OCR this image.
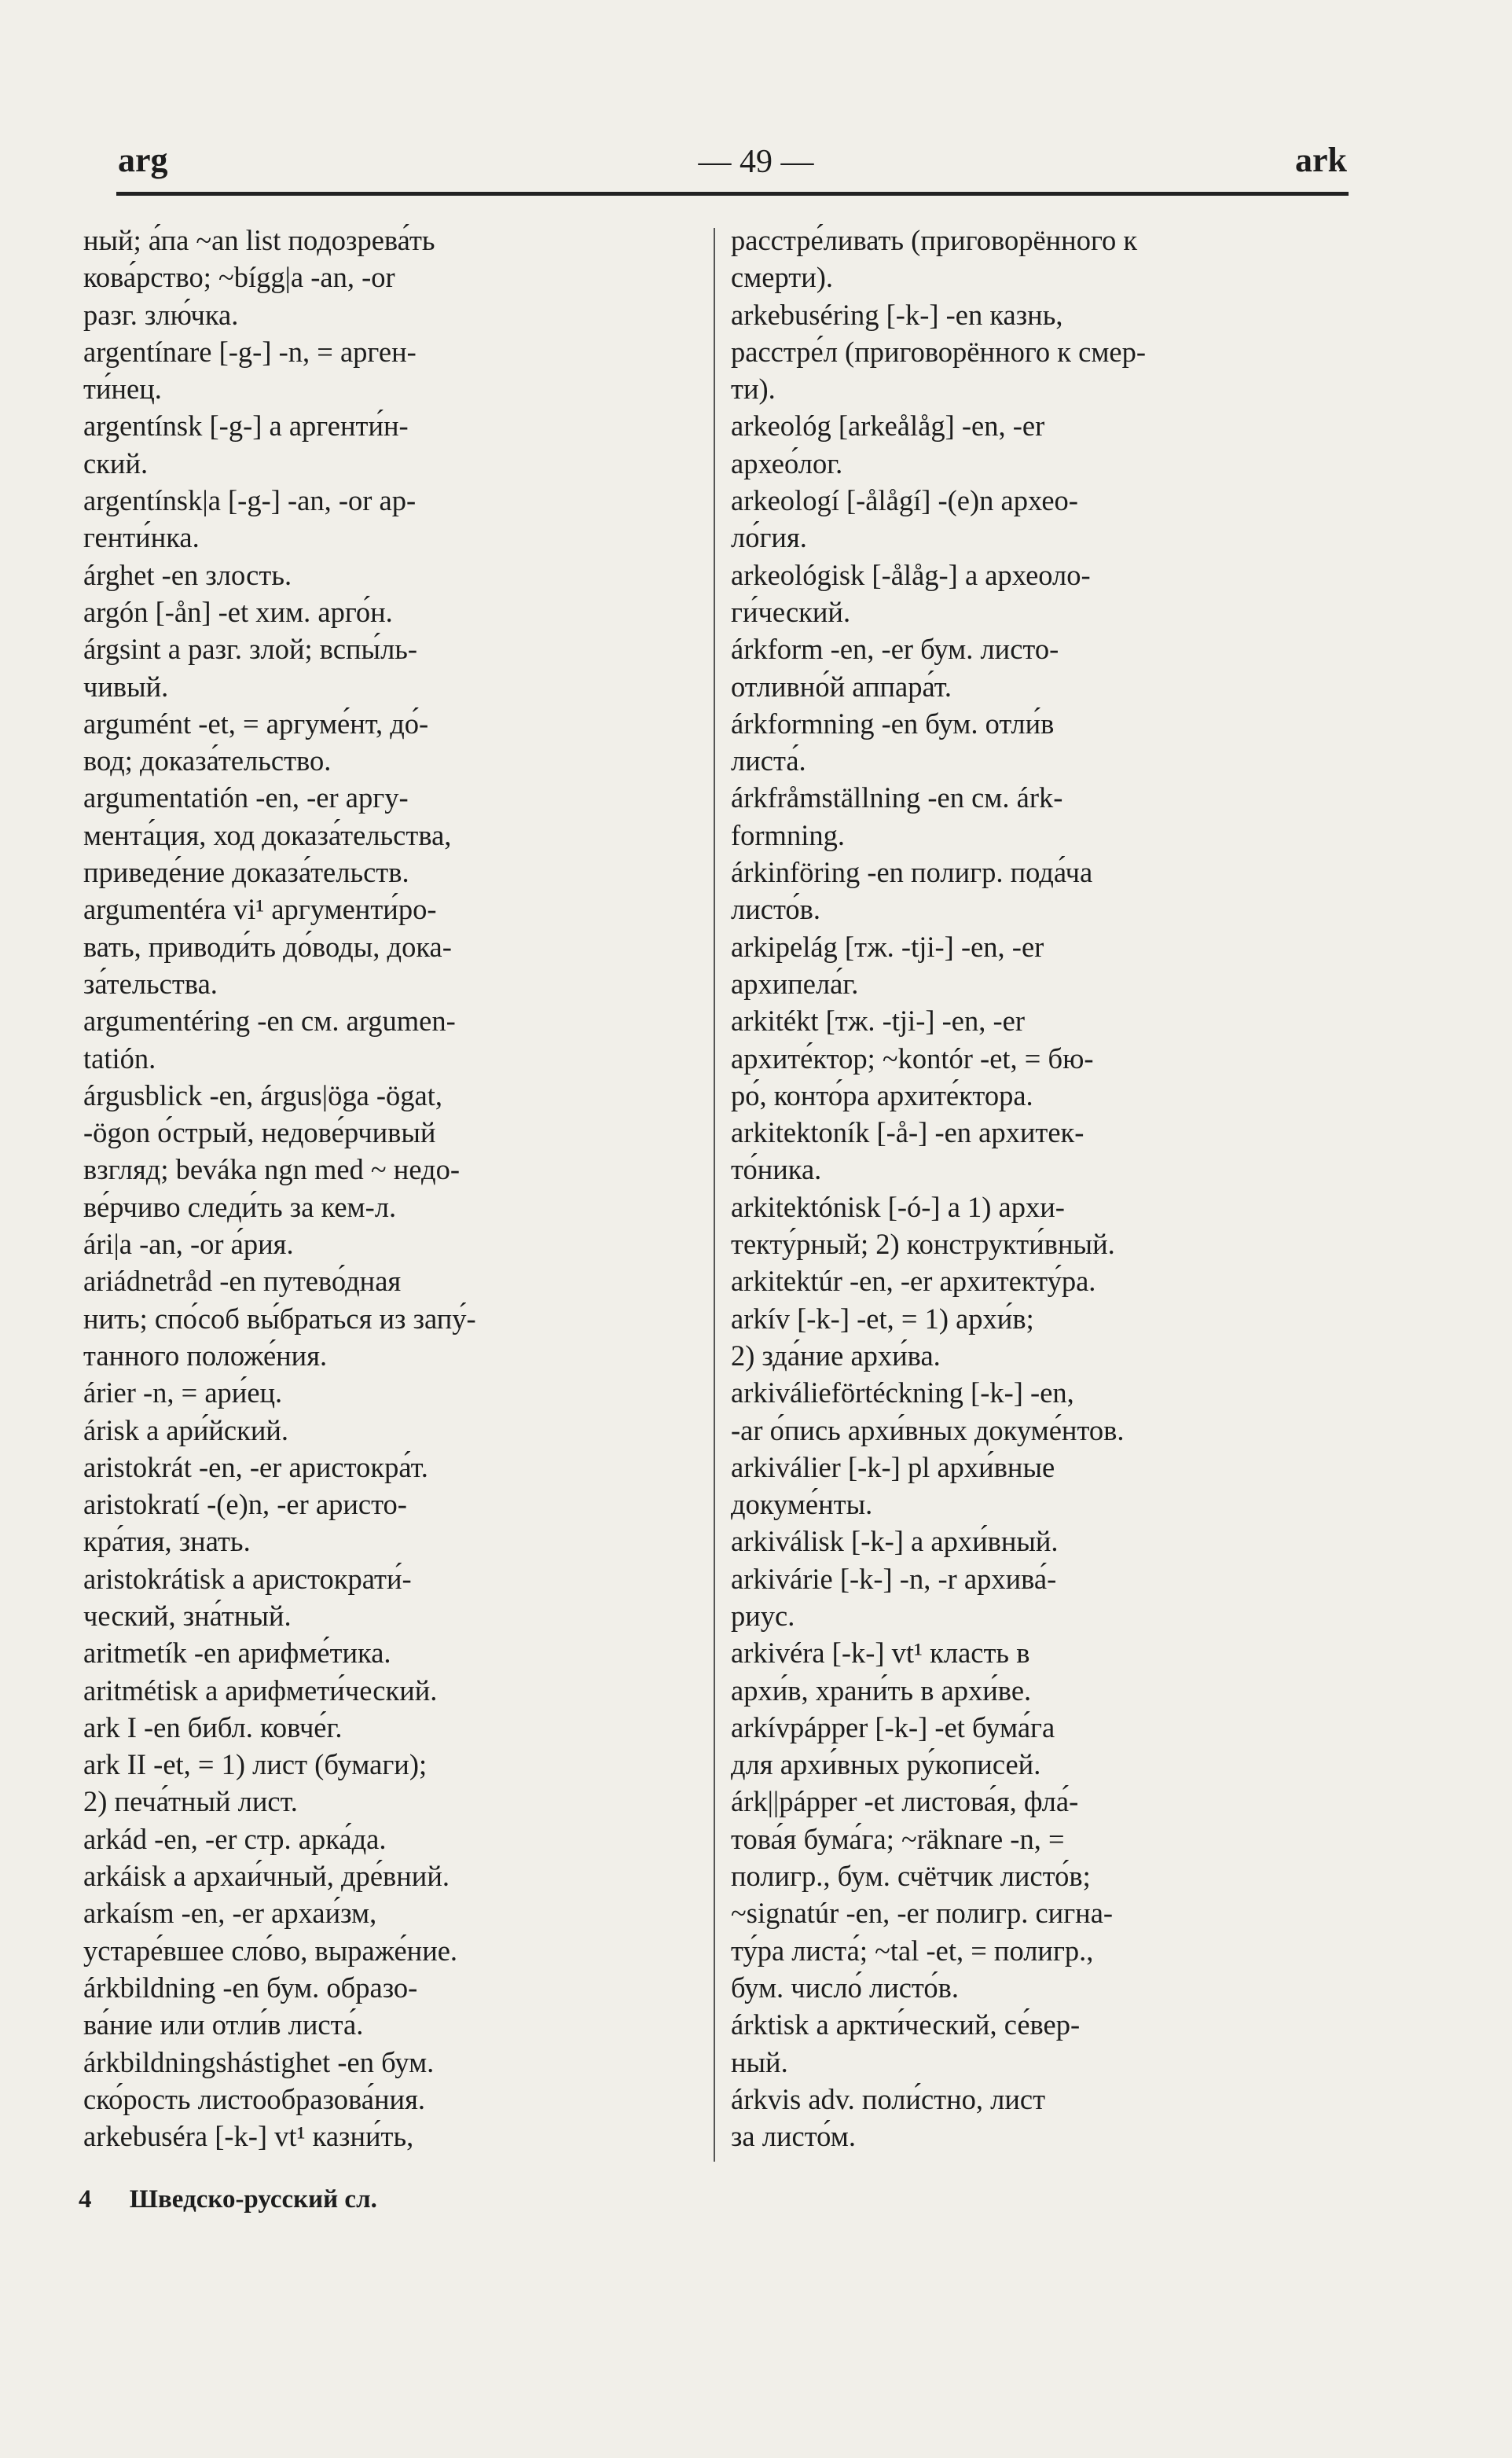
arg	— 49 —	ark
ный; а́па ~an list подозрева́ть
кова́рство; ~bígg|a -an, -or
разг. злю́чка.
argentínare [-g-] -n, = арген-
ти́нец.
argentínsk [-g-] a аргенти́н-
ский.
argentínsk|a [-g-] -an, -or ар-
генти́нка.
árghet -en злость.
argón [-ån] -et хим. арго́н.
árgsint a разг. злой; вспы́ль-
чивый.
argumént -et, = аргуме́нт, до́-
вод; доказа́тельство.
argumentatión -en, -er аргу-
мента́ция, ход доказа́тельства,
приведе́ние доказа́тельств.
argumentéra vi¹ аргументи́ро-
вать, приводи́ть до́воды, дока-
за́тельства.
argumentéring -en см. argumen-
tatión.
árgusblick -en, árgus|öga -ögat,
-ögon о́стрый, недове́рчивый
взгляд; beváka ngn med ~ недо-
ве́рчиво следи́ть за кем-л.
ári|a -an, -or а́рия.
ariádnetråd -en путево́дная
нить; спо́соб вы́браться из запу́-
танного положе́ния.
árier -n, = ари́ец.
árisk a ари́йский.
aristokrát -en, -er аристокра́т.
aristokratí -(e)n, -er аристо-
кра́тия, знать.
aristokrátisk a аристократи́-
ческий, зна́тный.
aritmetík -en арифме́тика.
aritmétisk a арифмети́ческий.
ark I -en библ. ковче́г.
ark II -et, = 1) лист (бумаги);
2) печа́тный лист.
arkád -en, -er стр. арка́да.
arkáisk a архаи́чный, дре́вний.
arkaísm -en, -er архаи́зм,
устаре́вшее сло́во, выраже́ние.
árkbildning -en бум. образо-
ва́ние или отли́в листа́.
árkbildningshástighet -en бум.
ско́рость листообразова́ния.
arkebuséra [-k-] vt¹ казни́ть,
расстре́ливать (приговорённого к
смерти).
arkebuséring [-k-] -en казнь,
расстре́л (приговорённого к смер-
ти).
arkeológ [arkeålåg] -en, -er
архео́лог.
arkeologí [-ålågí] -(e)n архео-
ло́гия.
arkeológisk [-ålåg-] a археоло-
ги́ческий.
árkform -en, -er бум. листо-
отливно́й аппара́т.
árkformning -en бум. отли́в
листа́.
árkfråmställning -en см. árk-
formning.
árkinföring -en полигр. пода́ча
листо́в.
arkipelág [тж. -tji-] -en, -er
архипела́г.
arkitékt [тж. -tji-] -en, -er
архите́ктор; ~kontór -et, = бю-
ро́, конто́ра архите́ктора.
arkitektoník [-å-] -en архитек-
то́ника.
arkitektónisk [-ó-] a 1) архи-
текту́рный; 2) конструкти́вный.
arkitektúr -en, -er архитекту́ра.
arkív [-k-] -et, = 1) архи́в;
2) зда́ние архи́ва.
arkiválieförtéckning [-k-] -en,
-ar о́пись архи́вных докуме́нтов.
arkiválier [-k-] pl архи́вные
докуме́нты.
arkiválisk [-k-] a архи́вный.
arkivárie [-k-] -n, -r архива́-
риус.
arkivéra [-k-] vt¹ класть в
архи́в, храни́ть в архи́ве.
arkívpápper [-k-] -et бума́га
для архи́вных ру́кописей.
árk||pápper -et листова́я, фла́-
това́я бума́га; ~räknare -n, =
полигр., бум. счётчик листо́в;
~signatúr -en, -er полигр. сигна-
ту́ра листа́; ~tal -et, = полигр.,
бум. число́ листо́в.
árktisk a аркти́ческий, се́вер-
ный.
árkvis adv. поли́стно, лист
за листо́м.
4 Шведско-русский сл.
